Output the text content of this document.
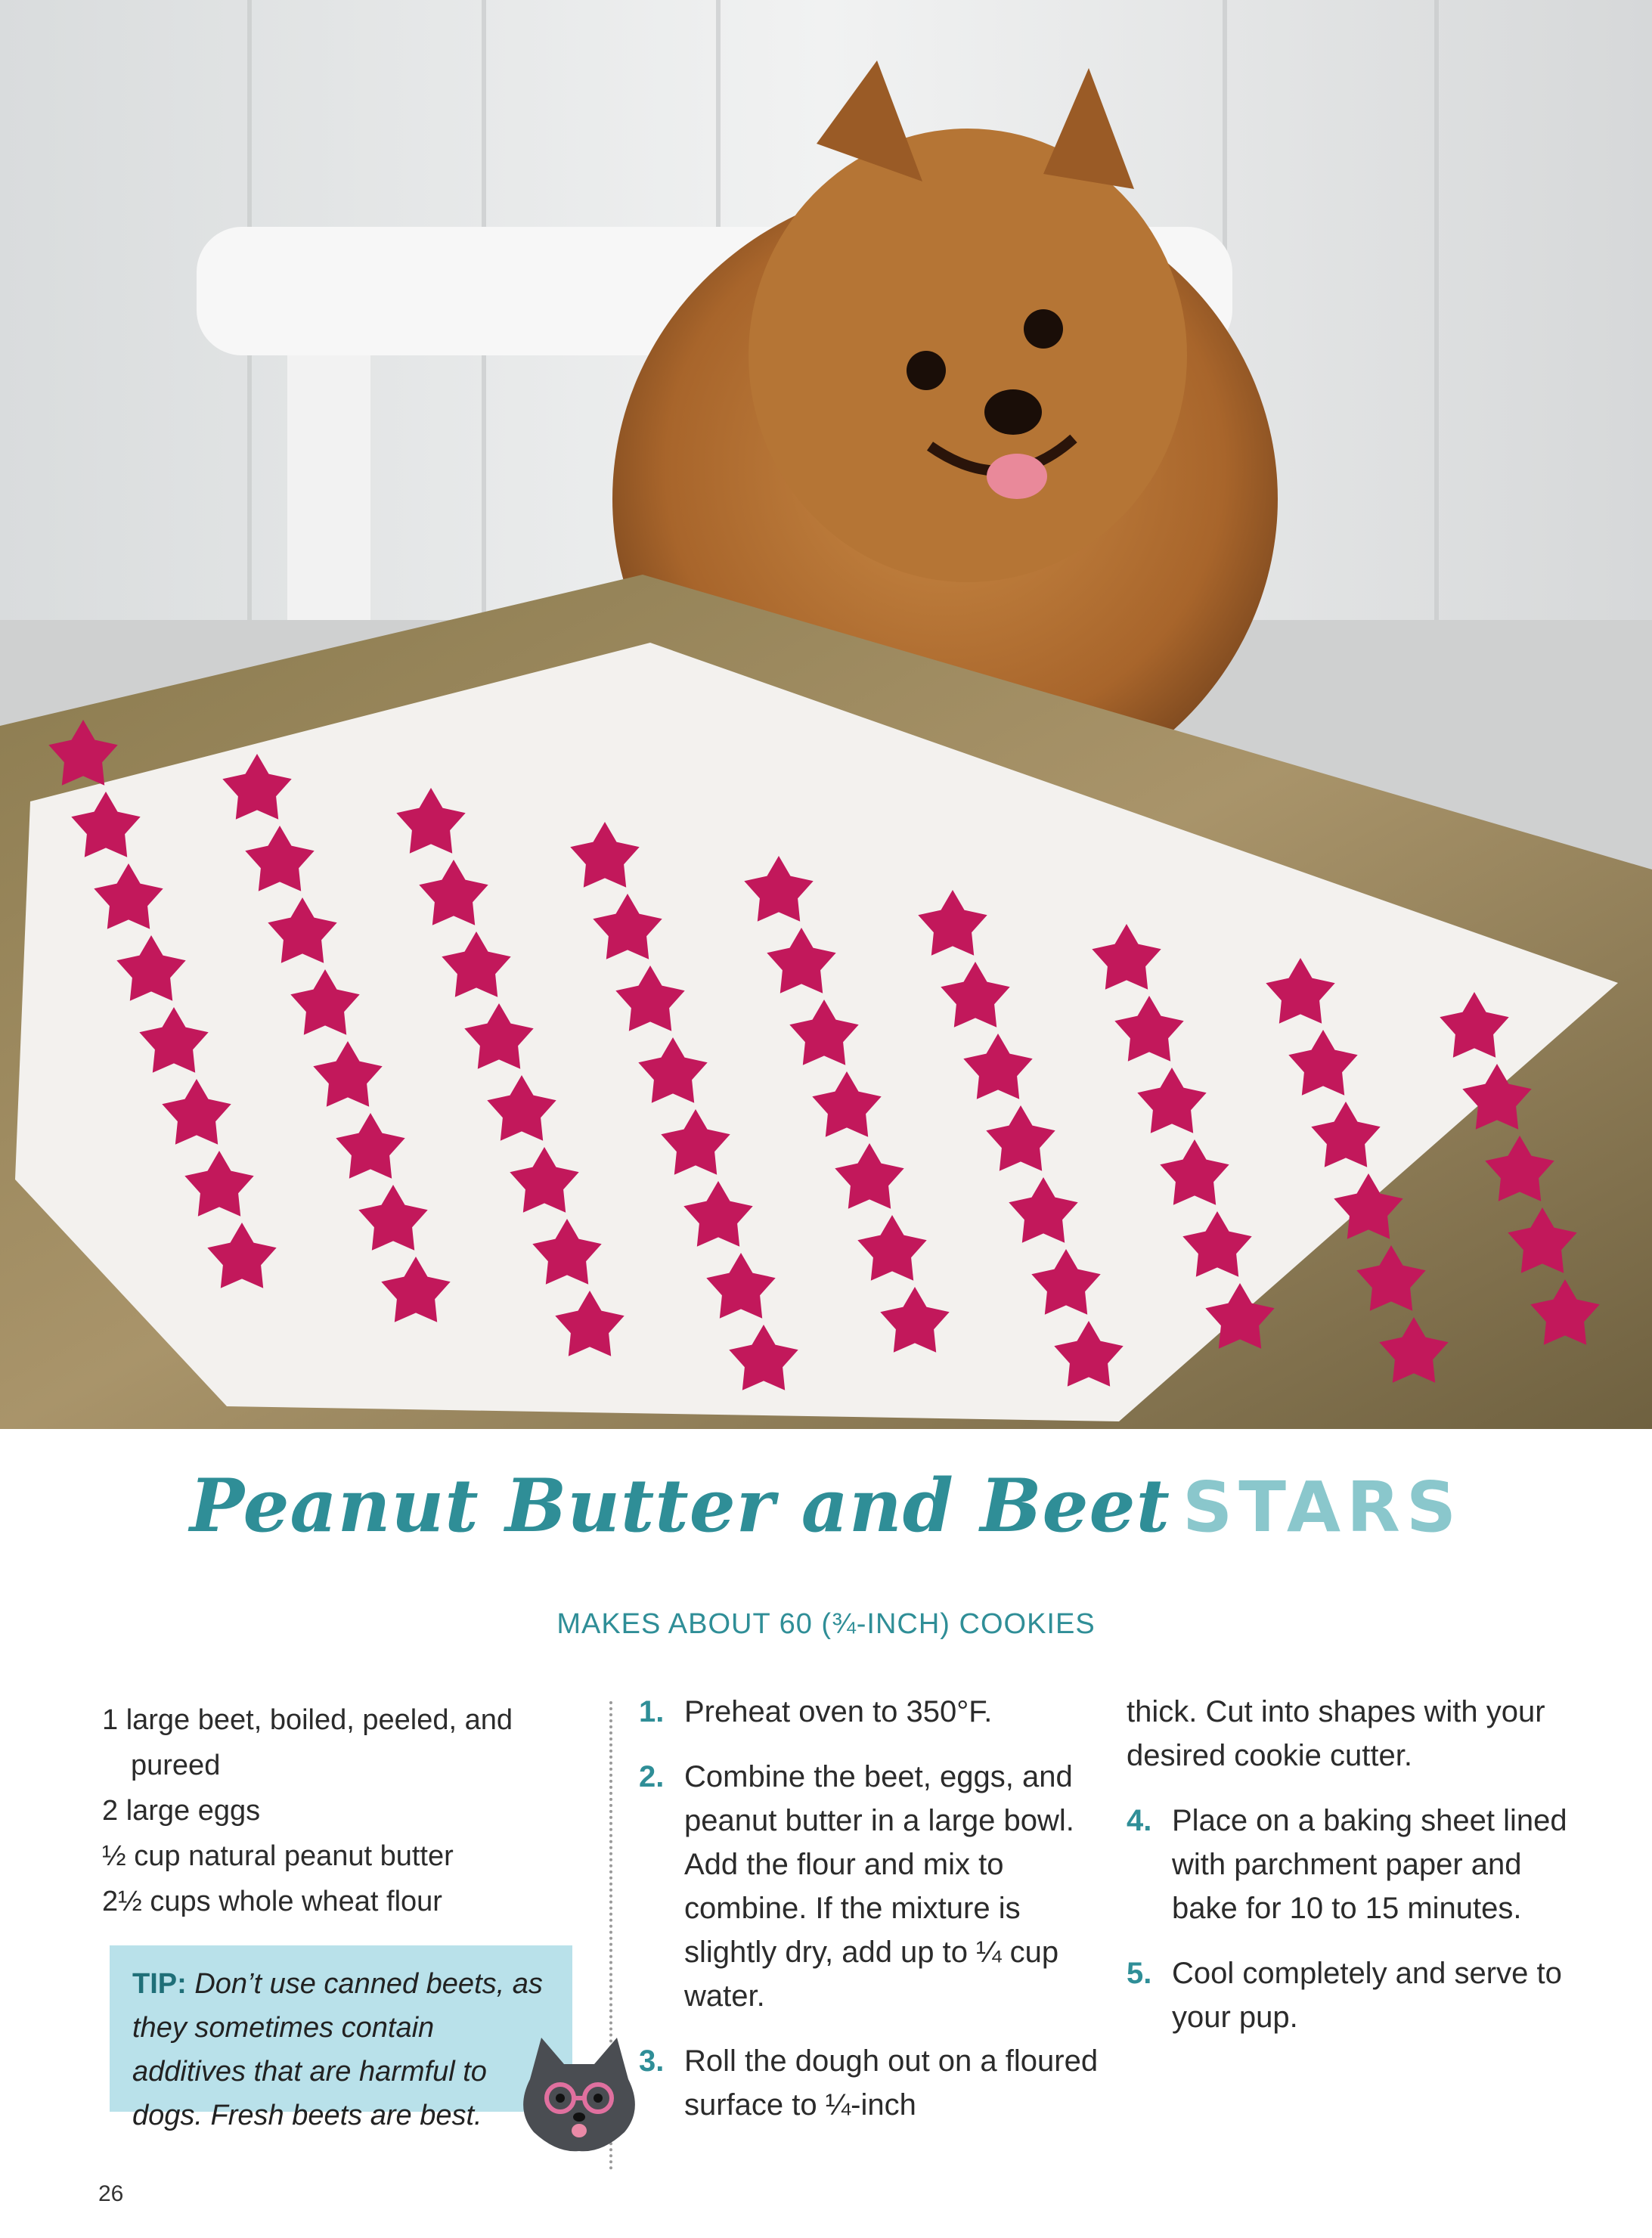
Peanut Butter and Beet STARS
MAKES ABOUT 60 (¾-INCH) COOKIES
1 large beet, boiled, peeled, and pureed
2 large eggs
½ cup natural peanut butter
2½ cups whole wheat flour
1. Preheat oven to 350°F.
2. Combine the beet, eggs, and peanut butter in a large bowl. Add the flour and mix to combine. If the mixture is slightly dry, add up to ¼ cup water.
3. Roll the dough out on a floured surface to ¼-inch
thick. Cut into shapes with your desired cookie cutter.
4. Place on a baking sheet lined with parchment paper and bake for 10 to 15 minutes.
5. Cool completely and serve to your pup.
TIP: Don’t use canned beets, as they sometimes contain additives that are harmful to dogs. Fresh beets are best.
26
